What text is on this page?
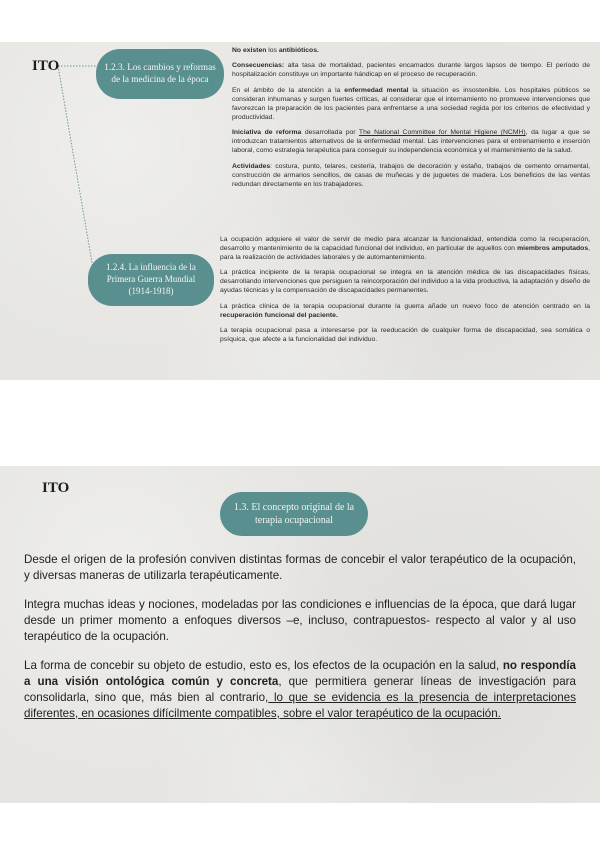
ITO	1.2.3. Los cambios y reformas de la medicina de la época
1.2.4. La influencia de la Primera Guerra Mundial (1914-1918)

No existen los antibióticos.

Consecuencias: alta tasa de mortalidad, pacientes encamados durante largos lapsos de tiempo. El período de hospitalización constituye un importante hándicap en el proceso de recuperación.

En el ámbito de la atención a la enfermedad mental la situación es insostenible. Los hospitales públicos se consideran inhumanas y surgen fuertes críticas, al considerar que el internamiento no promueve intervenciones que favorezcan la preparación de los pacientes para enfrentarse a una sociedad regida por los criterios de efectividad y productividad.

Iniciativa de reforma desarrollada por The National Committee for Mental Higiene (NCMH), da lugar a que se introduzcan tratamientos alternativos de la enfermedad mental. Las intervenciones para el entrenamiento e inserción laboral, como estrategia terapéutica para conseguir su independencia económica y el mantenimiento de la salud.

Actividades: costura, punto, telares, cestería, trabajos de decoración y estaño, trabajos de cemento ornamental, construcción de armarios sencillos, de casas de muñecas y de juguetes de madera. Los beneficios de las ventas redundan directamente en los trabajadores.

La ocupación adquiere el valor de servir de medio para alcanzar la funcionalidad, entendida como la recuperación, desarrollo y mantenimiento de la capacidad funcional del individuo, en particular de aquellos con miembros amputados, para la realización de actividades laborales y de automantenimiento.

La práctica incipiente de la terapia ocupacional se integra en la atención médica de las discapacidades físicas, desarrollando intervenciones que persiguen la reincorporación del individuo a la vida productiva, la adaptación y diseño de ayudas técnicas y la compensación de discapacidades permanentes.

La práctica clínica de la terapia ocupacional durante la guerra añade un nuevo foco de atención centrado en la recuperación funcional del paciente.

La terapia ocupacional pasa a interesarse por la reeducación de cualquier forma de discapacidad, sea somática o psíquica, que afecte a la funcionalidad del individuo.

ITO
1.3. El concepto original de la terapia ocupacional

Desde el origen de la profesión conviven distintas formas de concebir el valor terapéutico de la ocupación, y diversas maneras de utilizarla terapéuticamente.

Integra muchas ideas y nociones, modeladas por las condiciones e influencias de la época, que dará lugar desde un primer momento a enfoques diversos –e, incluso, contrapuestos- respecto al valor y al uso terapéutico de la ocupación.

La forma de concebir su objeto de estudio, esto es, los efectos de la ocupación en la salud, no respondía a una visión ontológica común y concreta, que permitiera generar líneas de investigación para consolidarla, sino que, más bien al contrario, lo que se evidencia es la presencia de interpretaciones diferentes, en ocasiones difícilmente compatibles, sobre el valor terapéutico de la ocupación.
